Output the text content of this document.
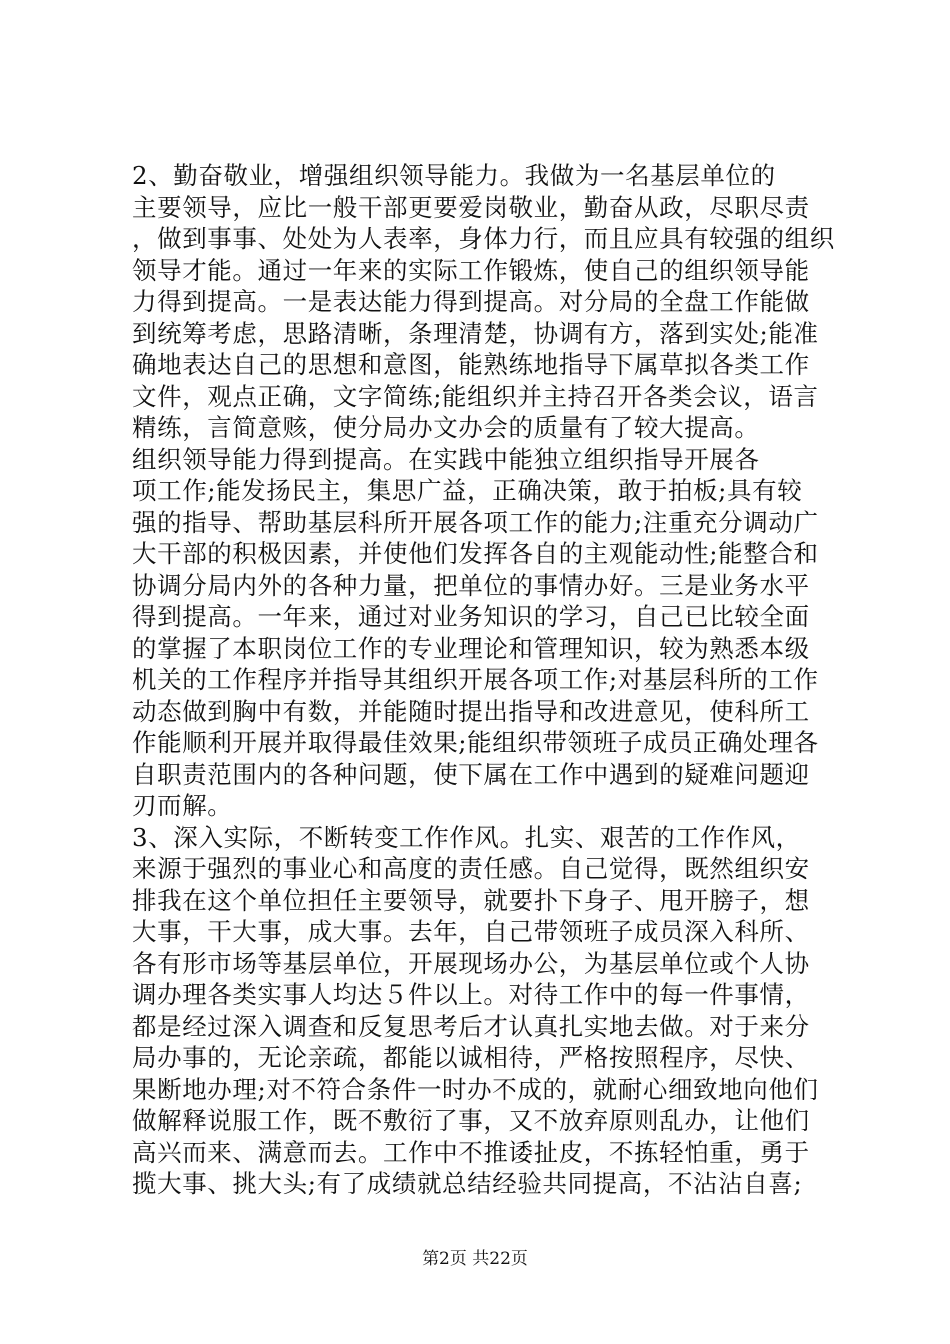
2、勤奋敬业，增强组织领导能力。我做为一名基层单位的
主要领导，应比一般干部更要爱岗敬业，勤奋从政，尽职尽责
，做到事事、处处为人表率，身体力行，而且应具有较强的组织
领导才能。通过一年来的实际工作锻炼，使自己的组织领导能
力得到提高。一是表达能力得到提高。对分局的全盘工作能做
到统筹考虑，思路清晰，条理清楚，协调有方，落到实处;能准
确地表达自己的思想和意图，能熟练地指导下属草拟各类工作
文件，观点正确，文字简练;能组织并主持召开各类会议，语言
精练，言简意赅，使分局办文办会的质量有了较大提高。
组织领导能力得到提高。在实践中能独立组织指导开展各
项工作;能发扬民主，集思广益，正确决策，敢于拍板;具有较
强的指导、帮助基层科所开展各项工作的能力;注重充分调动广
大干部的积极因素，并使他们发挥各自的主观能动性;能整合和
协调分局内外的各种力量，把单位的事情办好。三是业务水平
得到提高。一年来，通过对业务知识的学习，自己已比较全面
的掌握了本职岗位工作的专业理论和管理知识，较为熟悉本级
机关的工作程序并指导其组织开展各项工作;对基层科所的工作
动态做到胸中有数，并能随时提出指导和改进意见，使科所工
作能顺利开展并取得最佳效果;能组织带领班子成员正确处理各
自职责范围内的各种问题，使下属在工作中遇到的疑难问题迎
刃而解。
3、深入实际，不断转变工作作风。扎实、艰苦的工作作风，
来源于强烈的事业心和高度的责任感。自己觉得，既然组织安
排我在这个单位担任主要领导，就要扑下身子、甩开膀子，想
大事，干大事，成大事。去年，自己带领班子成员深入科所、
各有形市场等基层单位，开展现场办公，为基层单位或个人协
调办理各类实事人均达５件以上。对待工作中的每一件事情，
都是经过深入调查和反复思考后才认真扎实地去做。对于来分
局办事的，无论亲疏，都能以诚相待，严格按照程序，尽快、
果断地办理;对不符合条件一时办不成的，就耐心细致地向他们
做解释说服工作，既不敷衍了事，又不放弃原则乱办，让他们
高兴而来、满意而去。工作中不推诿扯皮，不拣轻怕重，勇于
揽大事、挑大头;有了成绩就总结经验共同提高，不沾沾自喜;
第2页 共22页
